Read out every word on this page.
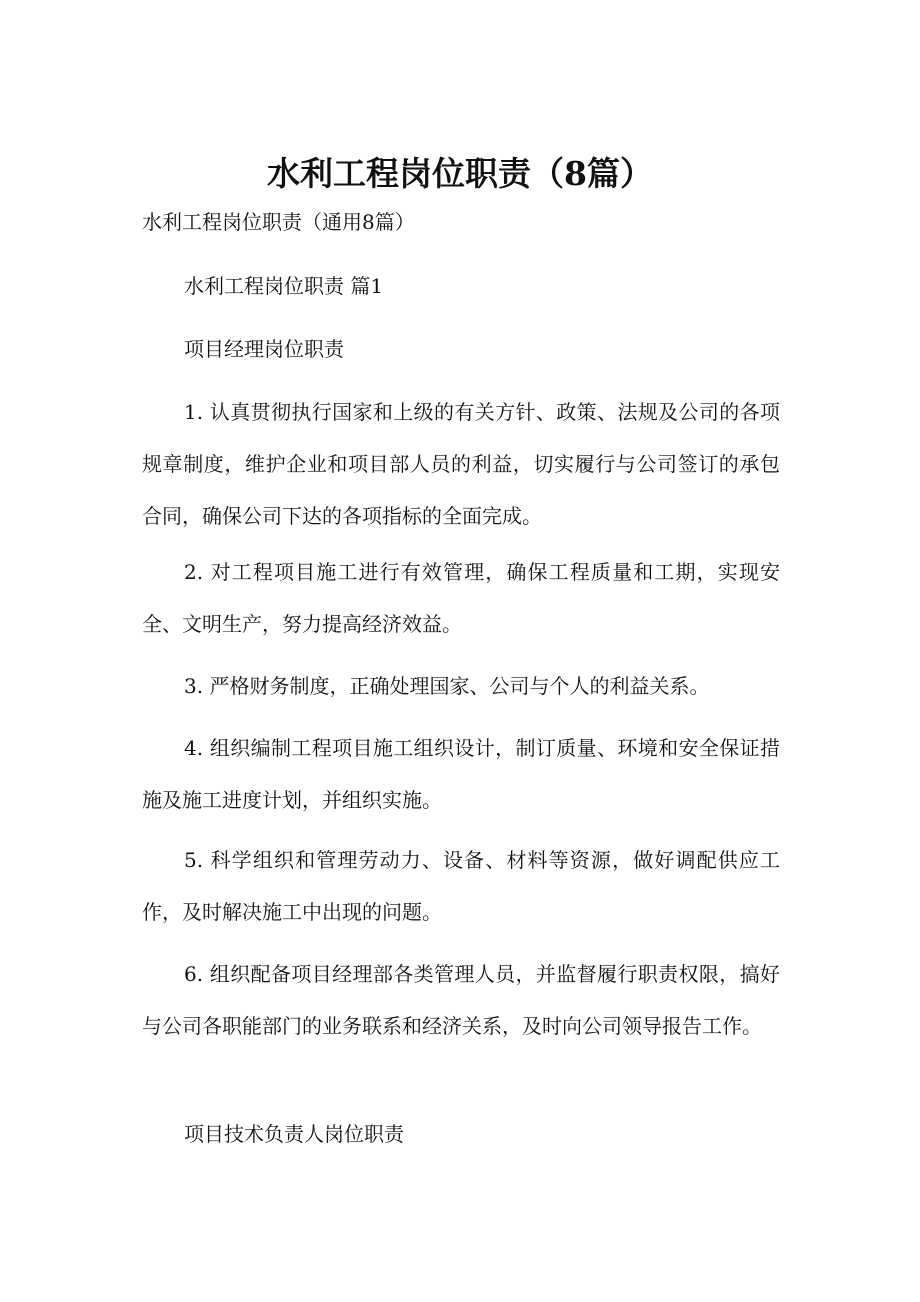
水利工程岗位职责（8篇）
水利工程岗位职责（通用8篇）
水利工程岗位职责 篇1
项目经理岗位职责
1. 认真贯彻执行国家和上级的有关方针、政策、法规及公司的各项规章制度，维护企业和项目部人员的利益，切实履行与公司签订的承包合同，确保公司下达的各项指标的全面完成。
2. 对工程项目施工进行有效管理，确保工程质量和工期，实现安全、文明生产，努力提高经济效益。
3. 严格财务制度，正确处理国家、公司与个人的利益关系。
4. 组织编制工程项目施工组织设计，制订质量、环境和安全保证措施及施工进度计划，并组织实施。
5. 科学组织和管理劳动力、设备、材料等资源，做好调配供应工作，及时解决施工中出现的问题。
6. 组织配备项目经理部各类管理人员，并监督履行职责权限，搞好与公司各职能部门的业务联系和经济关系，及时向公司领导报告工作。
项目技术负责人岗位职责
